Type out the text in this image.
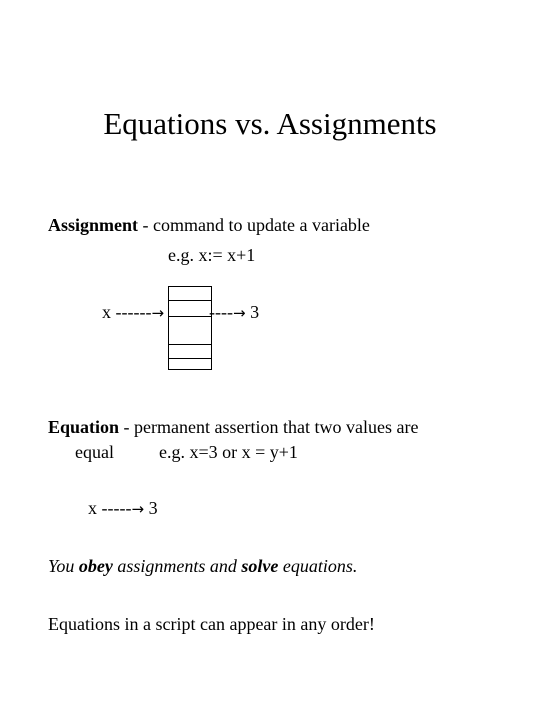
Equations vs. Assignments
Assignment - command to update a variable
e.g. x:= x+1
x ------→ ----→ 3
Equation - permanent assertion that two values are
equal	e.g. x=3 or x = y+1
x -----→ 3
You obey assignments and solve equations.
Equations in a script can appear in any order!
